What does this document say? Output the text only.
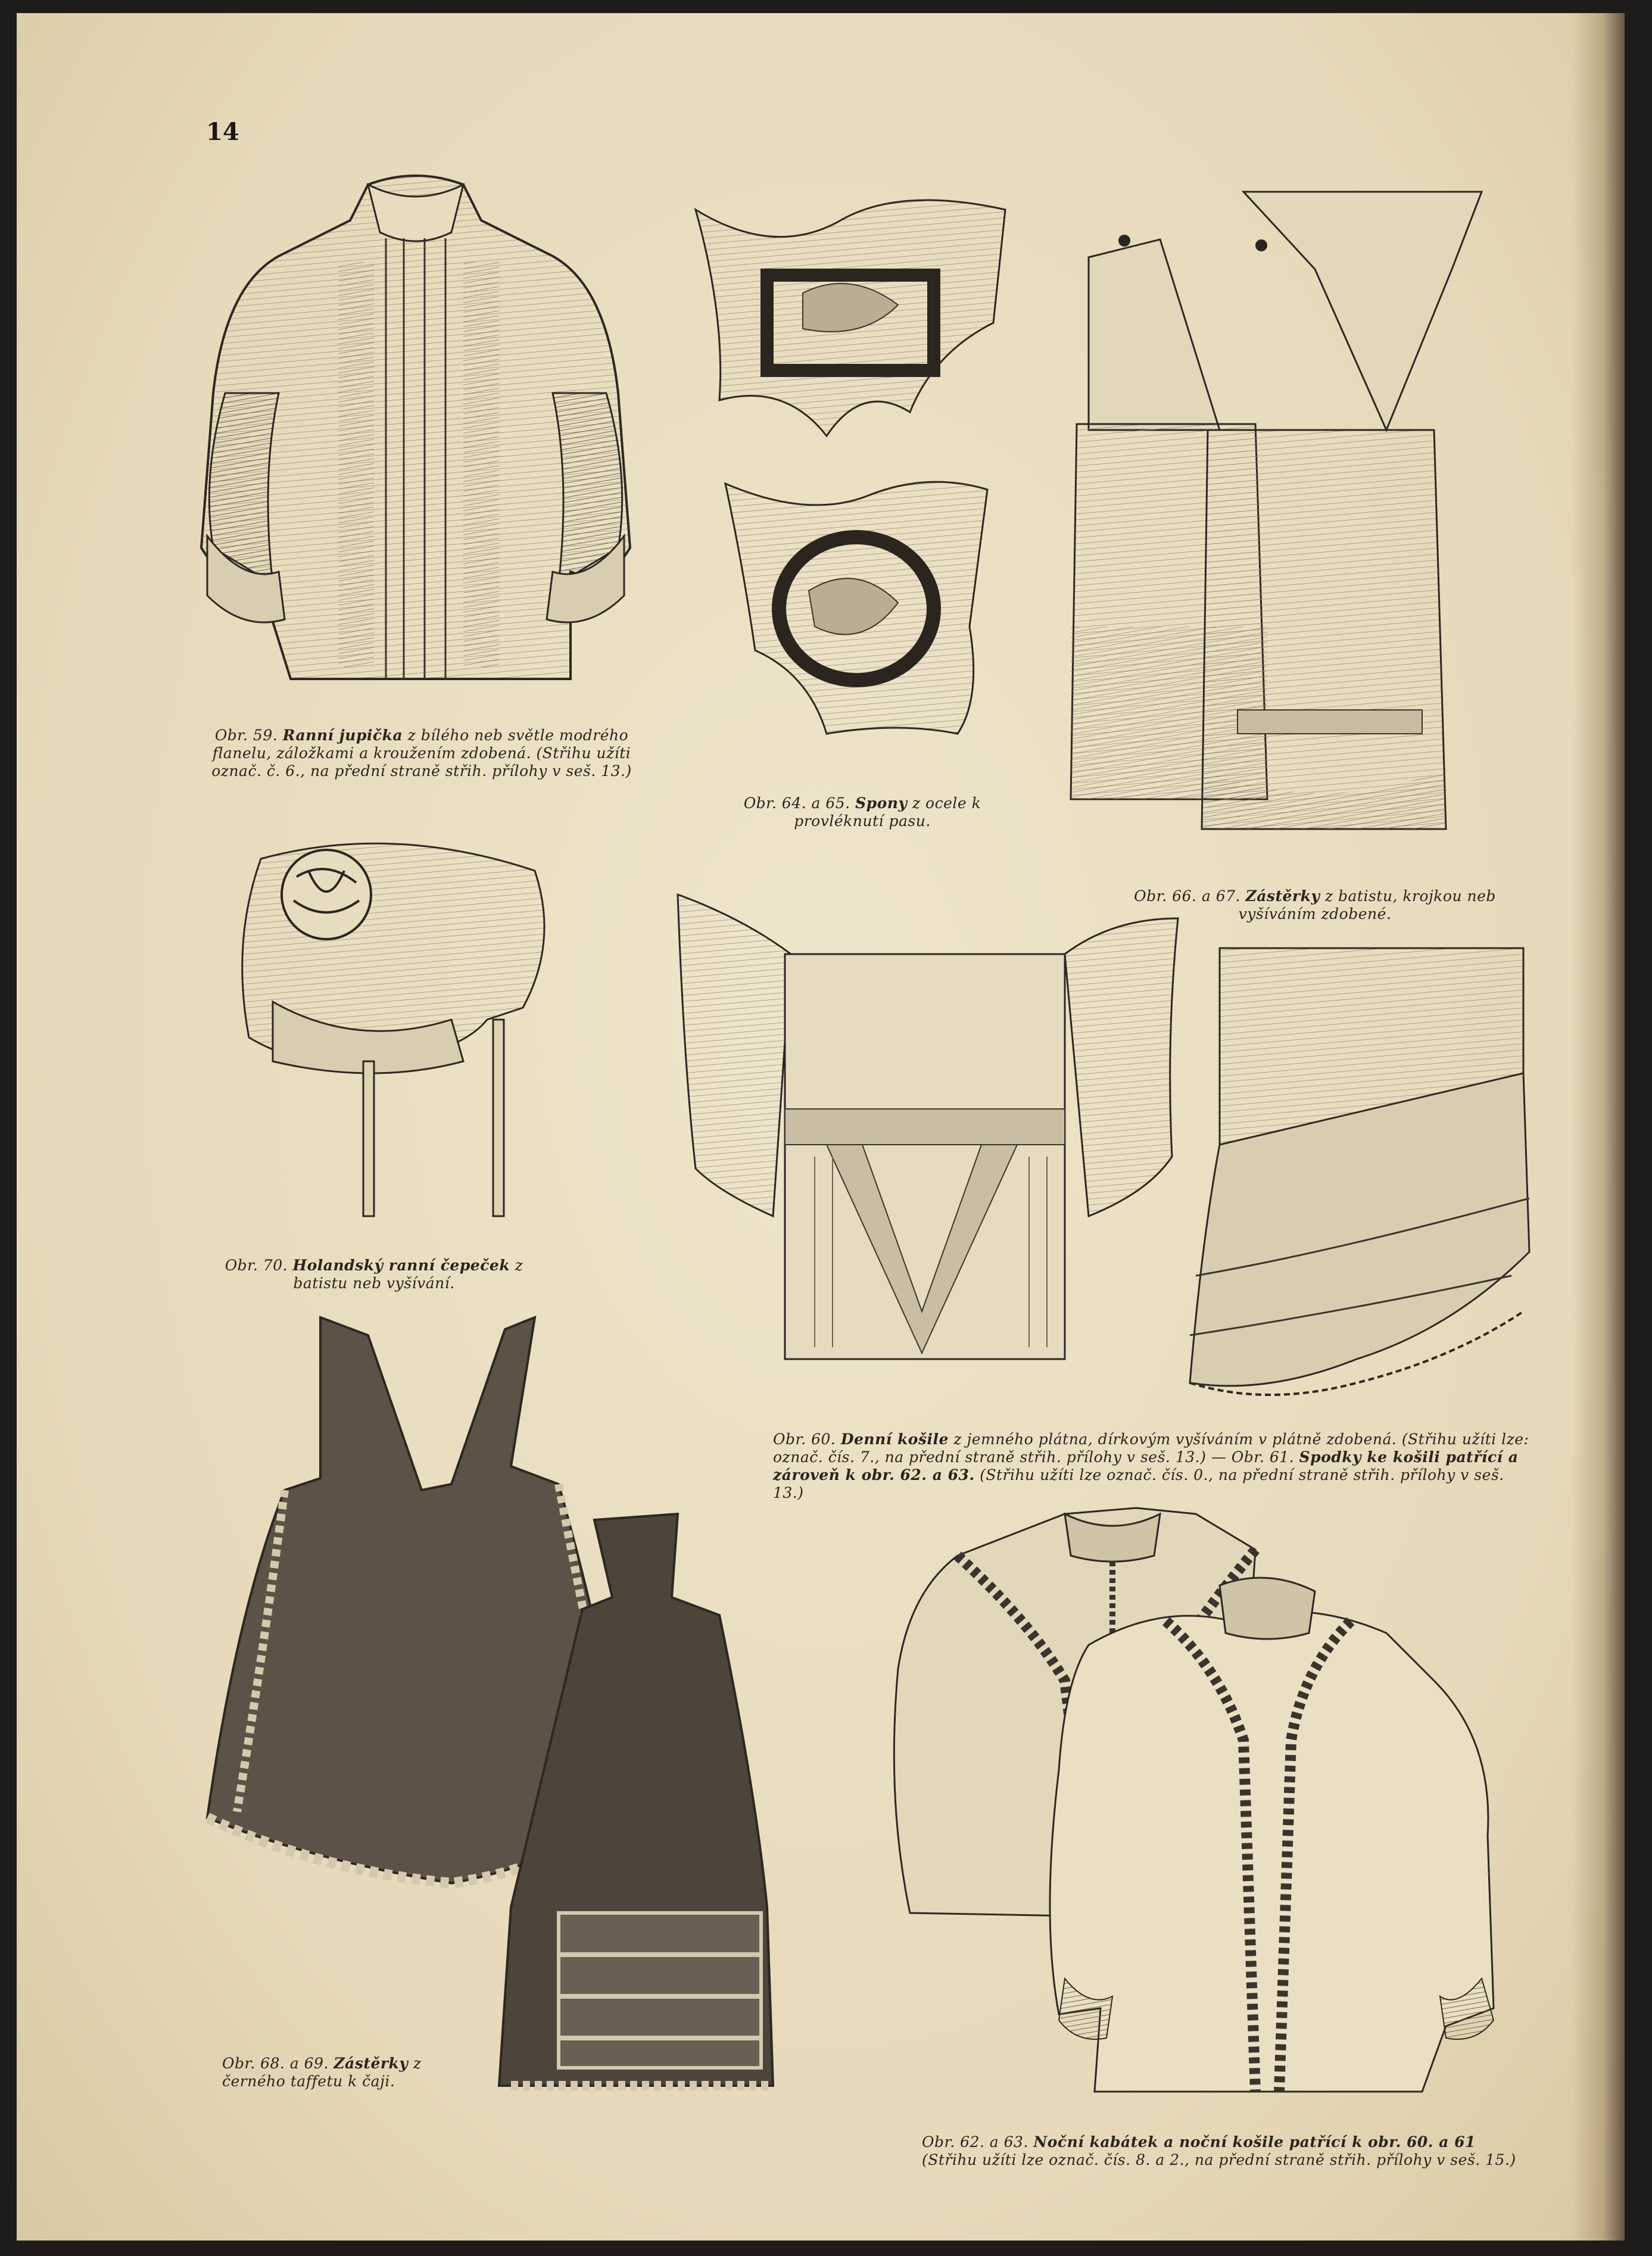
14
Obr. 59. Ranní jupička z bílého neb světle modrého flanelu, záložkami a kroužením zdobená. (Střihu užíti označ. č. 6., na přední straně střih. přílohy v seš. 13.)
Obr. 64. a 65. Spony z ocele k provléknutí pasu.
Obr. 66. a 67. Zástěrky z batistu, krojkou neb vyšíváním zdobené.
Obr. 70. Holandský ranní čepeček z batistu neb vyšívání.
Obr. 60. Denní košile z jemného plátna, dírkovým vyšíváním v plátně zdobená. (Střihu užíti lze: označ. čís. 7., na přední straně střih. přílohy v seš. 13.) — Obr. 61. Spodky ke košili patřící a zároveň k obr. 62. a 63. (Střihu užíti lze označ. čís. 0., na přední straně střih. přílohy v seš. 13.)
Obr. 68. a 69. Zástěrky z černého taffetu k čaji.
Obr. 62. a 63. Noční kabátek a noční košile patřící k obr. 60. a 61 (Střihu užíti lze označ. čís. 8. a 2., na přední straně střih. přílohy v seš. 15.)
